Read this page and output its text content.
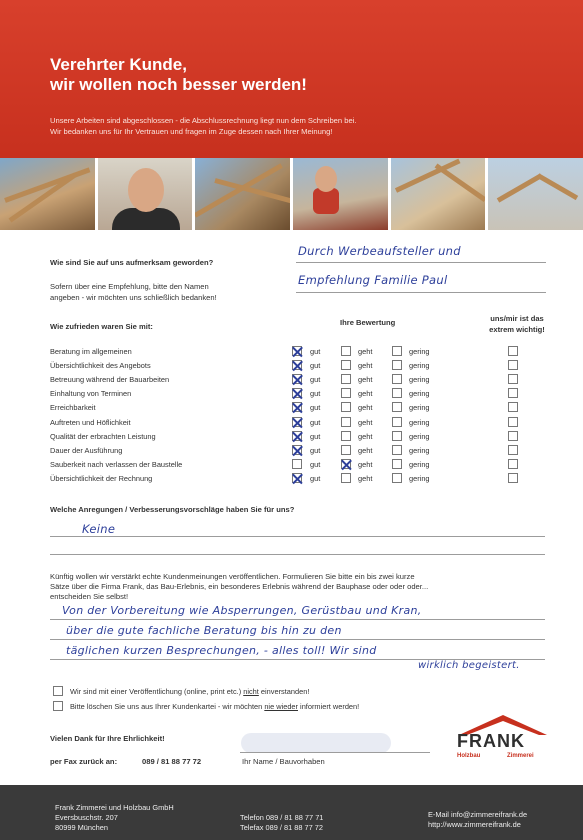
Verehrter Kunde,
wir wollen noch besser werden!
Unsere Arbeiten sind abgeschlossen - die Abschlussrechnung liegt nun dem Schreiben bei.
Wir bedanken uns für Ihr Vertrauen und fragen im Zuge dessen nach Ihrer Meinung!
Wie sind Sie auf uns aufmerksam geworden?
Durch Werbeaufsteller und
Sofern über eine Empfehlung, bitte den Namen
angeben - wir möchten uns schließlich bedanken!
Empfehlung Familie Paul
Wie zufrieden waren Sie mit:	Ihre Bewertung	uns/mir ist das
extrem wichtig!
Beratung im allgemeinen	gut	geht	gering
Übersichtlichkeit des Angebots	gut	geht	gering
Betreuung während der Bauarbeiten	gut	geht	gering
Einhaltung von Terminen	gut	geht	gering
Erreichbarkeit	gut	geht	gering
Auftreten und Höflichkeit	gut	geht	gering
Qualität der erbrachten Leistung	gut	geht	gering
Dauer der Ausführung	gut	geht	gering
Sauberkeit nach verlassen der Baustelle	gut	geht	gering
Übersichtlichkeit der Rechnung	gut	geht	gering
Welche Anregungen / Verbesserungsvorschläge haben Sie für uns?
Keine
Künftig wollen wir verstärkt echte Kundenmeinungen veröffentlichen. Formulieren Sie bitte ein bis zwei kurze
Sätze über die Firma Frank, das Bau-Erlebnis, ein besonderes Erlebnis während der Bauphase oder oder oder...
entscheiden Sie selbst!
Von der Vorbereitung wie Absperrungen, Gerüstbau und Kran,
über die gute fachliche Beratung bis hin zu den
täglichen kurzen Besprechungen, - alles toll! Wir sind
wirklich begeistert.
Wir sind mit einer Veröffentlichung (online, print etc.) nicht einverstanden!
Bitte löschen Sie uns aus Ihrer Kundenkartei - wir möchten nie wieder informiert werden!
Vielen Dank für Ihre Ehrlichkeit!
per Fax zurück an:	089 / 81 88 77 72	Ihr Name / Bauvorhaben
FRANK
Holzbau	Zimmerei
Frank Zimmerei und Holzbau GmbH
Eversbuschstr. 207
80999 München
Telefon 089 / 81 88 77 71
Telefax 089 / 81 88 77 72
E-Mail info@zimmereifrank.de
http://www.zimmereifrank.de
